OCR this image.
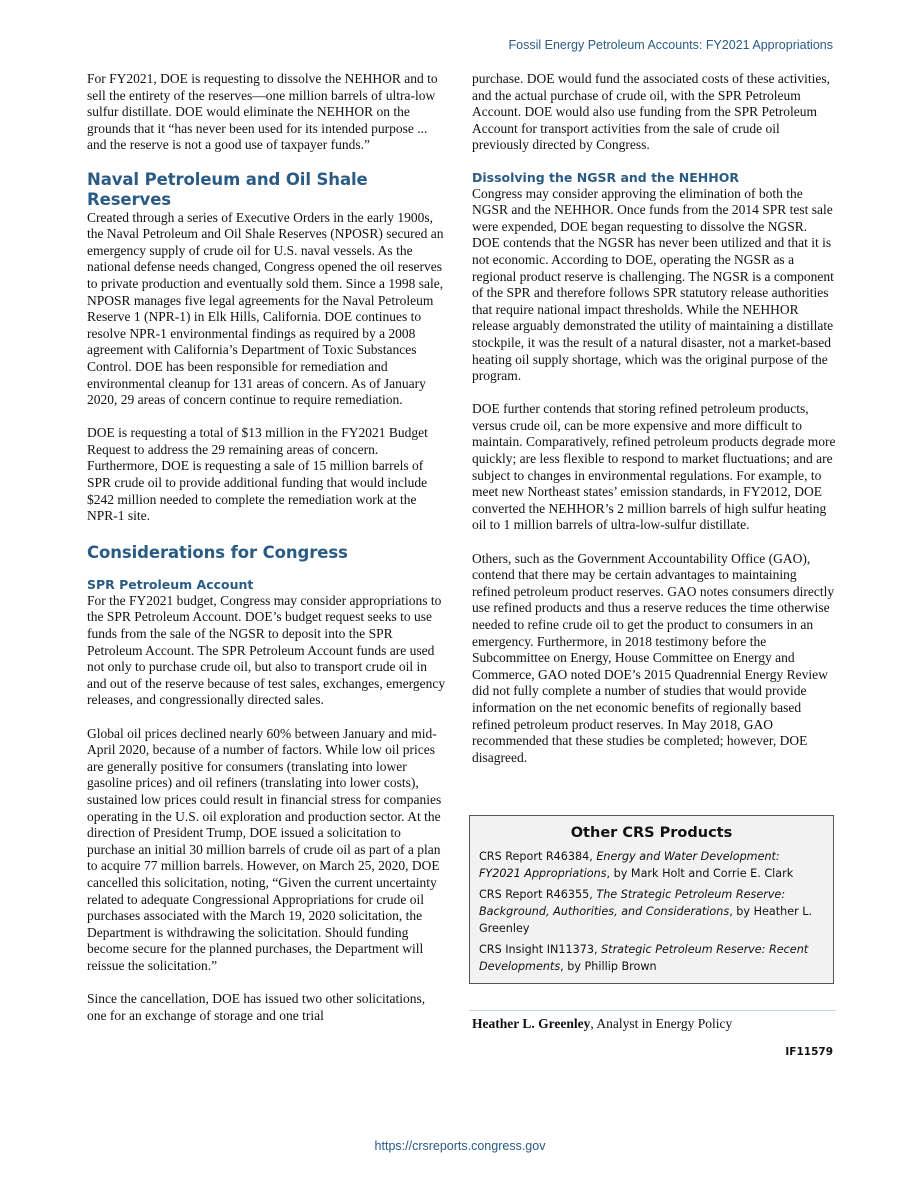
Fossil Energy Petroleum Accounts: FY2021 Appropriations

For FY2021, DOE is requesting to dissolve the NEHHOR and to sell the entirety of the reserves—one million barrels of ultra-low sulfur distillate. DOE would eliminate the NEHHOR on the grounds that it “has never been used for its intended purpose ... and the reserve is not a good use of taxpayer funds.”

Naval Petroleum and Oil Shale Reserves

Created through a series of Executive Orders in the early 1900s, the Naval Petroleum and Oil Shale Reserves (NPOSR) secured an emergency supply of crude oil for U.S. naval vessels. As the national defense needs changed, Congress opened the oil reserves to private production and eventually sold them. Since a 1998 sale, NPOSR manages five legal agreements for the Naval Petroleum Reserve 1 (NPR-1) in Elk Hills, California. DOE continues to resolve NPR-1 environmental findings as required by a 2008 agreement with California’s Department of Toxic Substances Control. DOE has been responsible for remediation and environmental cleanup for 131 areas of concern. As of January 2020, 29 areas of concern continue to require remediation.

DOE is requesting a total of $13 million in the FY2021 Budget Request to address the 29 remaining areas of concern. Furthermore, DOE is requesting a sale of 15 million barrels of SPR crude oil to provide additional funding that would include $242 million needed to complete the remediation work at the NPR-1 site.

Considerations for Congress
SPR Petroleum Account

For the FY2021 budget, Congress may consider appropriations to the SPR Petroleum Account. DOE’s budget request seeks to use funds from the sale of the NGSR to deposit into the SPR Petroleum Account. The SPR Petroleum Account funds are used not only to purchase crude oil, but also to transport crude oil in and out of the reserve because of test sales, exchanges, emergency releases, and congressionally directed sales.

Global oil prices declined nearly 60% between January and mid-April 2020, because of a number of factors. While low oil prices are generally positive for consumers (translating into lower gasoline prices) and oil refiners (translating into lower costs), sustained low prices could result in financial stress for companies operating in the U.S. oil exploration and production sector. At the direction of President Trump, DOE issued a solicitation to purchase an initial 30 million barrels of crude oil as part of a plan to acquire 77 million barrels. However, on March 25, 2020, DOE cancelled this solicitation, noting, “Given the current uncertainty related to adequate Congressional Appropriations for crude oil purchases associated with the March 19, 2020 solicitation, the Department is withdrawing the solicitation. Should funding become secure for the planned purchases, the Department will reissue the solicitation.”

Since the cancellation, DOE has issued two other solicitations, one for an exchange of storage and one trial

purchase. DOE would fund the associated costs of these activities, and the actual purchase of crude oil, with the SPR Petroleum Account. DOE would also use funding from the SPR Petroleum Account for transport activities from the sale of crude oil previously directed by Congress.

Dissolving the NGSR and the NEHHOR

Congress may consider approving the elimination of both the NGSR and the NEHHOR. Once funds from the 2014 SPR test sale were expended, DOE began requesting to dissolve the NGSR. DOE contends that the NGSR has never been utilized and that it is not economic. According to DOE, operating the NGSR as a regional product reserve is challenging. The NGSR is a component of the SPR and therefore follows SPR statutory release authorities that require national impact thresholds. While the NEHHOR release arguably demonstrated the utility of maintaining a distillate stockpile, it was the result of a natural disaster, not a market-based heating oil supply shortage, which was the original purpose of the program.

DOE further contends that storing refined petroleum products, versus crude oil, can be more expensive and more difficult to maintain. Comparatively, refined petroleum products degrade more quickly; are less flexible to respond to market fluctuations; and are subject to changes in environmental regulations. For example, to meet new Northeast states’ emission standards, in FY2012, DOE converted the NEHHOR’s 2 million barrels of high sulfur heating oil to 1 million barrels of ultra-low-sulfur distillate.

Others, such as the Government Accountability Office (GAO), contend that there may be certain advantages to maintaining refined petroleum product reserves. GAO notes consumers directly use refined products and thus a reserve reduces the time otherwise needed to refine crude oil to get the product to consumers in an emergency. Furthermore, in 2018 testimony before the Subcommittee on Energy, House Committee on Energy and Commerce, GAO noted DOE’s 2015 Quadrennial Energy Review did not fully complete a number of studies that would provide information on the net economic benefits of regionally based refined petroleum product reserves. In May 2018, GAO recommended that these studies be completed; however, DOE disagreed.

Other CRS Products
CRS Report R46384, Energy and Water Development: FY2021 Appropriations, by Mark Holt and Corrie E. Clark
CRS Report R46355, The Strategic Petroleum Reserve: Background, Authorities, and Considerations, by Heather L. Greenley
CRS Insight IN11373, Strategic Petroleum Reserve: Recent Developments, by Phillip Brown
Heather L. Greenley, Analyst in Energy Policy
IF11579
https://crsreports.congress.gov
